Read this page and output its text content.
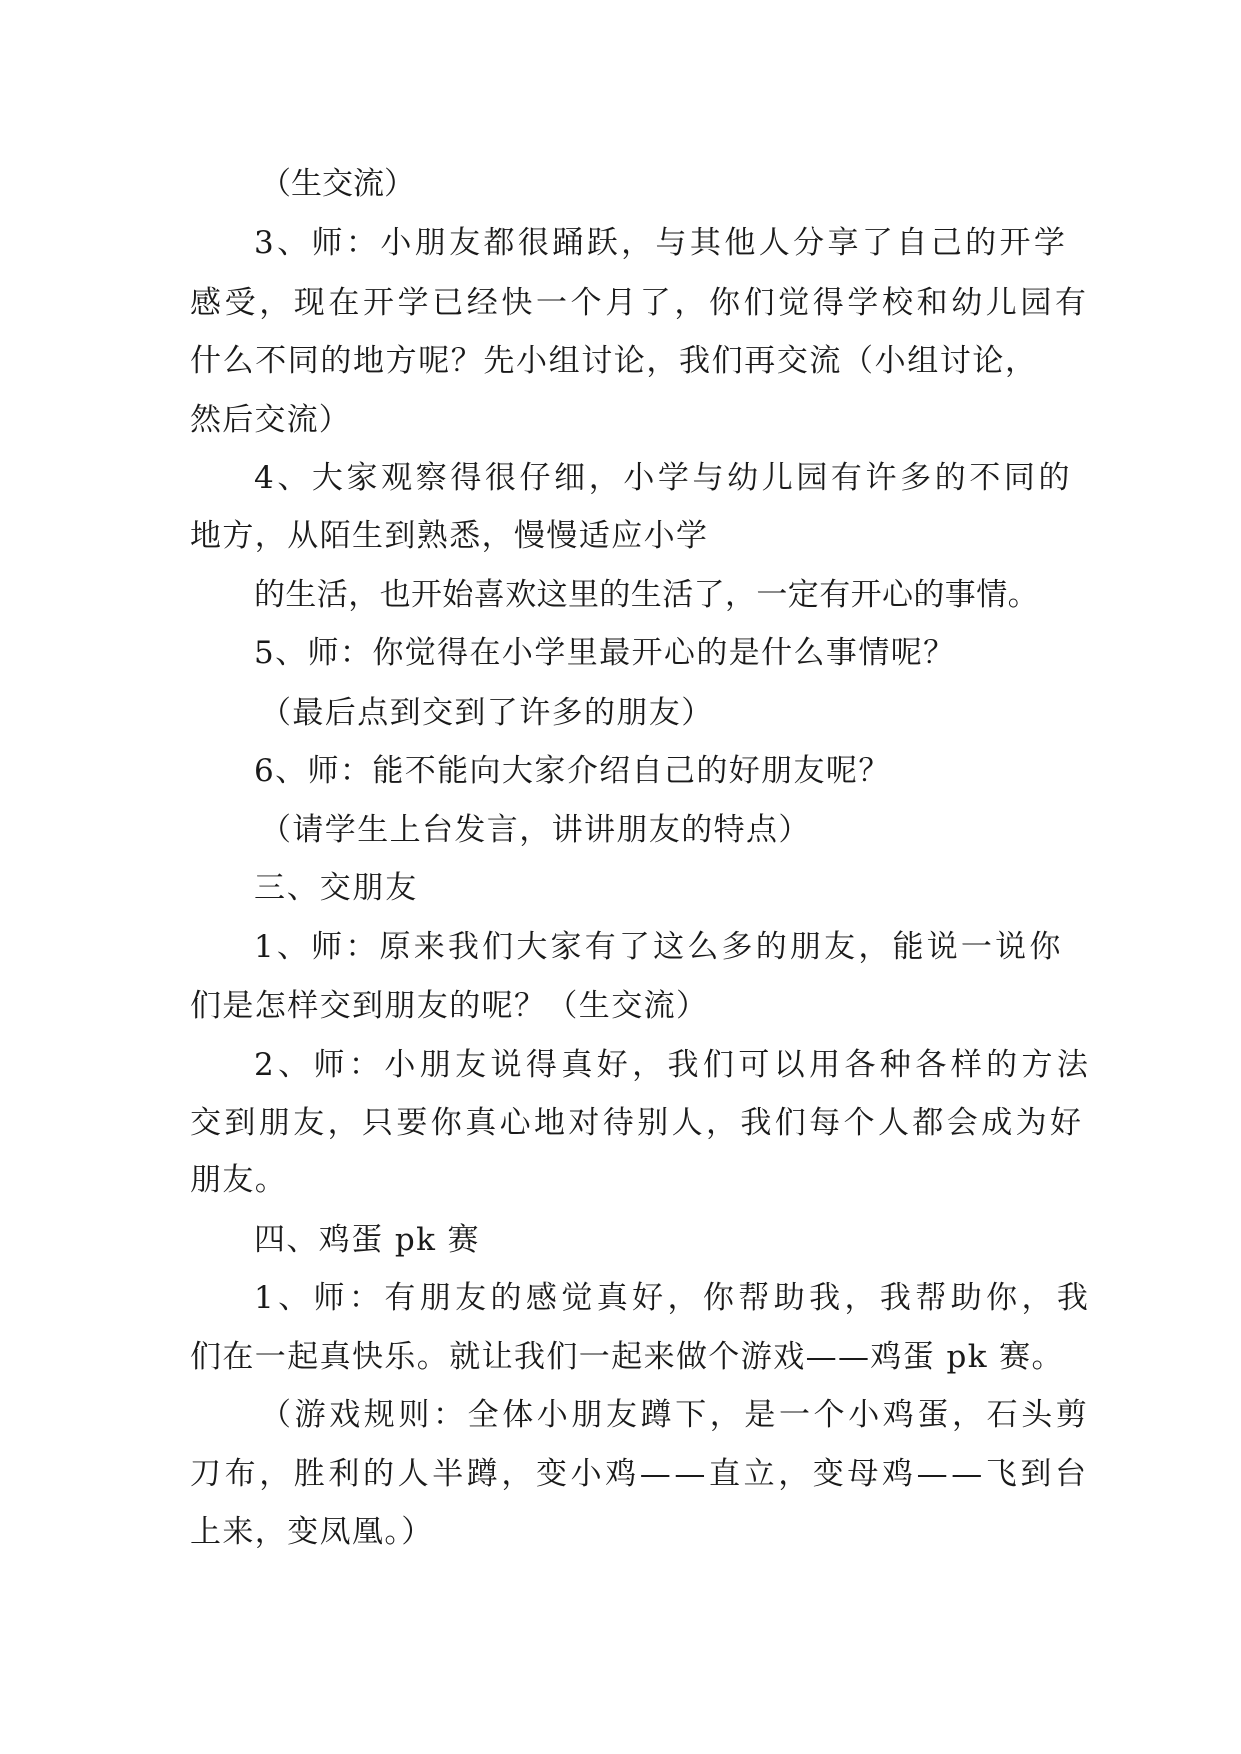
（生交流）
3、师：小朋友都很踊跃，与其他人分享了自己的开学
感受，现在开学已经快一个月了，你们觉得学校和幼儿园有
什么不同的地方呢？先小组讨论，我们再交流（小组讨论，
然后交流）
4、大家观察得很仔细，小学与幼儿园有许多的不同的
地方，从陌生到熟悉，慢慢适应小学
的生活，也开始喜欢这里的生活了，一定有开心的事情。
5、师：你觉得在小学里最开心的是什么事情呢？
（最后点到交到了许多的朋友）
6、师：能不能向大家介绍自己的好朋友呢？
（请学生上台发言，讲讲朋友的特点）
三、交朋友
1、师：原来我们大家有了这么多的朋友，能说一说你
们是怎样交到朋友的呢？（生交流）
2、师：小朋友说得真好，我们可以用各种各样的方法
交到朋友，只要你真心地对待别人，我们每个人都会成为好
朋友。
四、鸡蛋 pk 赛
1、师：有朋友的感觉真好，你帮助我，我帮助你，我
们在一起真快乐。就让我们一起来做个游戏——鸡蛋 pk 赛。
（游戏规则：全体小朋友蹲下，是一个小鸡蛋，石头剪
刀布，胜利的人半蹲，变小鸡——直立，变母鸡——飞到台
上来，变凤凰。）
